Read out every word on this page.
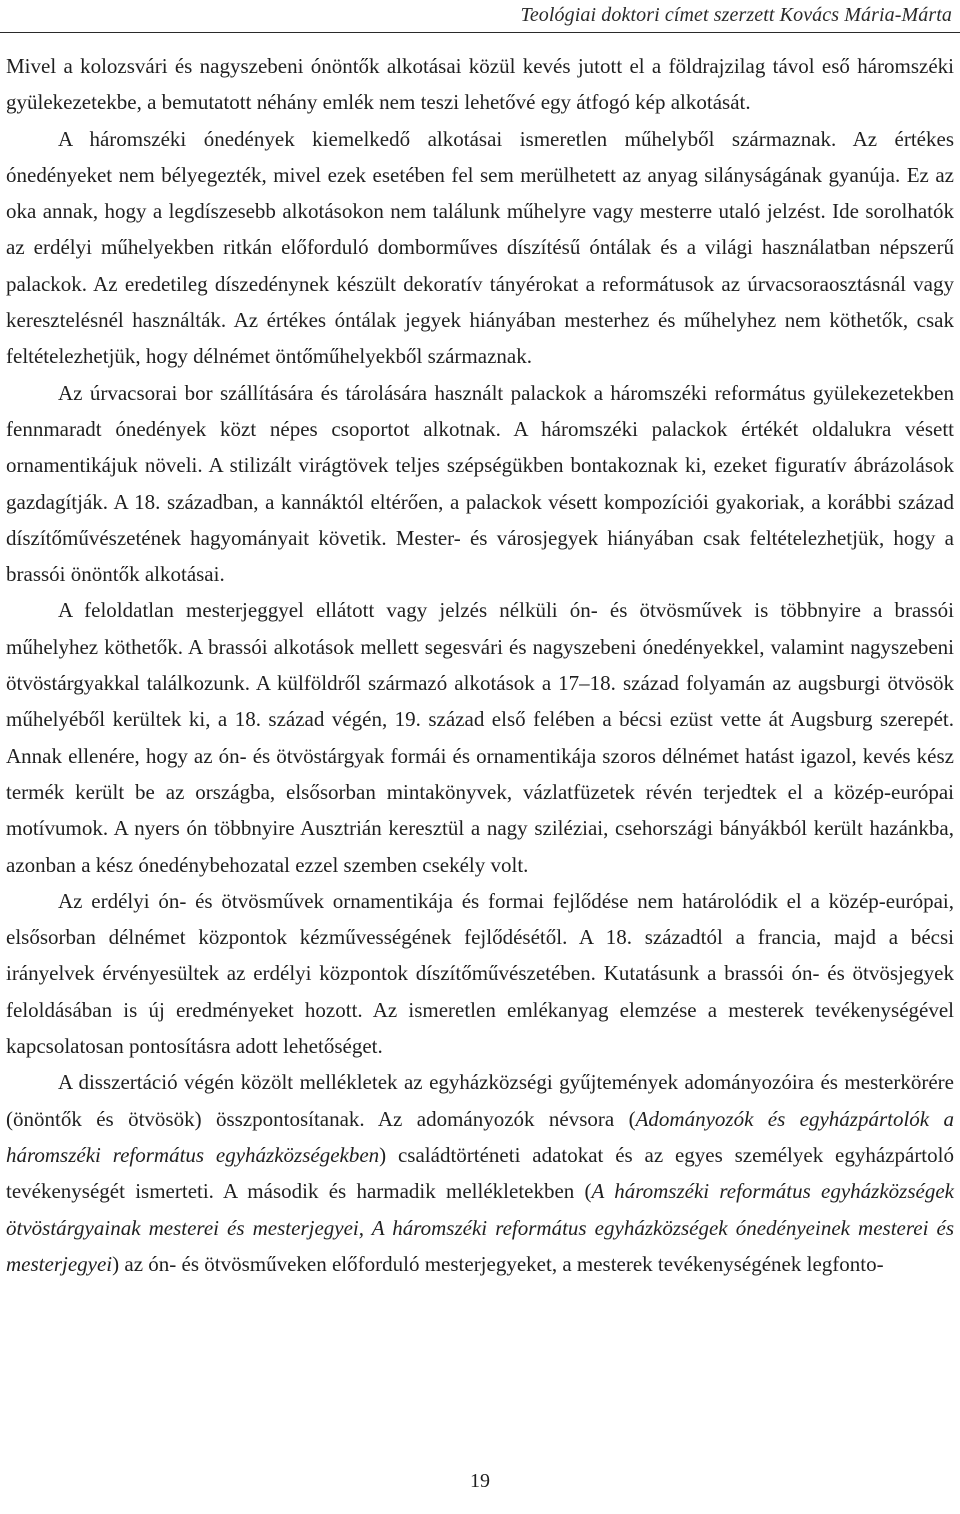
Teológiai doktori címet szerzett Kovács Mária-Márta

Mivel a kolozsvári és nagyszebeni ónöntők alkotásai közül kevés jutott el a földrajzilag távol eső háromszéki gyülekezetekbe, a bemutatott néhány emlék nem teszi lehetővé egy átfogó kép alkotását.

A háromszéki ónedények kiemelkedő alkotásai ismeretlen műhelyből származnak. Az értékes ónedényeket nem bélyegezték, mivel ezek esetében fel sem merülhetett az anyag silányságának gyanúja. Ez az oka annak, hogy a legdíszesebb alkotásokon nem találunk műhelyre vagy mesterre utaló jelzést. Ide sorolhatók az erdélyi műhelyekben ritkán előforduló domborműves díszítésű óntálak és a világi használatban népszerű palackok. Az eredetileg díszedénynek készült dekoratív tányérokat a reformátusok az úrvacsoraosztásnál vagy keresztelésnél használták. Az értékes óntálak jegyek hiányában mesterhez és műhelyhez nem köthetők, csak feltételezhetjük, hogy délnémet öntőműhelyekből származnak.

Az úrvacsorai bor szállítására és tárolására használt palackok a háromszéki református gyülekezetekben fennmaradt ónedények közt népes csoportot alkotnak. A háromszéki palackok értékét oldalukra vésett ornamentikájuk növeli. A stilizált virágtövek teljes szépségükben bontakoznak ki, ezeket figuratív ábrázolások gazdagítják. A 18. században, a kannáktól eltérően, a palackok vésett kompozíciói gyakoriak, a korábbi század díszítőművészetének hagyományait követik. Mester- és városjegyek hiányában csak feltételezhetjük, hogy a brassói önöntők alkotásai.

A feloldatlan mesterjeggyel ellátott vagy jelzés nélküli ón- és ötvösművek is többnyire a brassói műhelyhez köthetők. A brassói alkotások mellett segesvári és nagyszebeni ónedényekkel, valamint nagyszebeni ötvöstárgyakkal találkozunk. A külföldről származó alkotások a 17–18. század folyamán az augsburgi ötvösök műhelyéből kerültek ki, a 18. század végén, 19. század első felében a bécsi ezüst vette át Augsburg szerepét. Annak ellenére, hogy az ón- és ötvöstárgyak formái és ornamentikája szoros délnémet hatást igazol, kevés kész termék került be az országba, elsősorban mintakönyvek, vázlatfüzetek révén terjedtek el a közép-európai motívumok. A nyers ón többnyire Ausztrián keresztül a nagy sziléziai, csehországi bányákból került hazánkba, azonban a kész ónedénybehozatal ezzel szemben csekély volt.

Az erdélyi ón- és ötvösművek ornamentikája és formai fejlődése nem határolódik el a közép-európai, elsősorban délnémet központok kézművességének fejlődésétől. A 18. századtól a francia, majd a bécsi irányelvek érvényesültek az erdélyi központok díszítőművészetében. Kutatásunk a brassói ón- és ötvösjegyek feloldásában is új eredményeket hozott. Az ismeretlen emlékanyag elemzése a mesterek tevékenységével kapcsolatosan pontosításra adott lehetőséget.

A disszertáció végén közölt mellékletek az egyházközségi gyűjtemények adományozóira és mesterkörére (önöntők és ötvösök) összpontosítanak. Az adományozók névsora (Adományozók és egyházpártolók a háromszéki református egyházközségekben) családtörténeti adatokat és az egyes személyek egyházpártoló tevékenységét ismerteti. A második és harmadik mellékletekben (A háromszéki református egyházközségek ötvöstárgyainak mesterei és mesterjegyei, A háromszéki református egyházközségek ónedényeinek mesterei és mesterjegyei) az ón- és ötvösműveken előforduló mesterjegyeket, a mesterek tevékenységének legfonto-

19
